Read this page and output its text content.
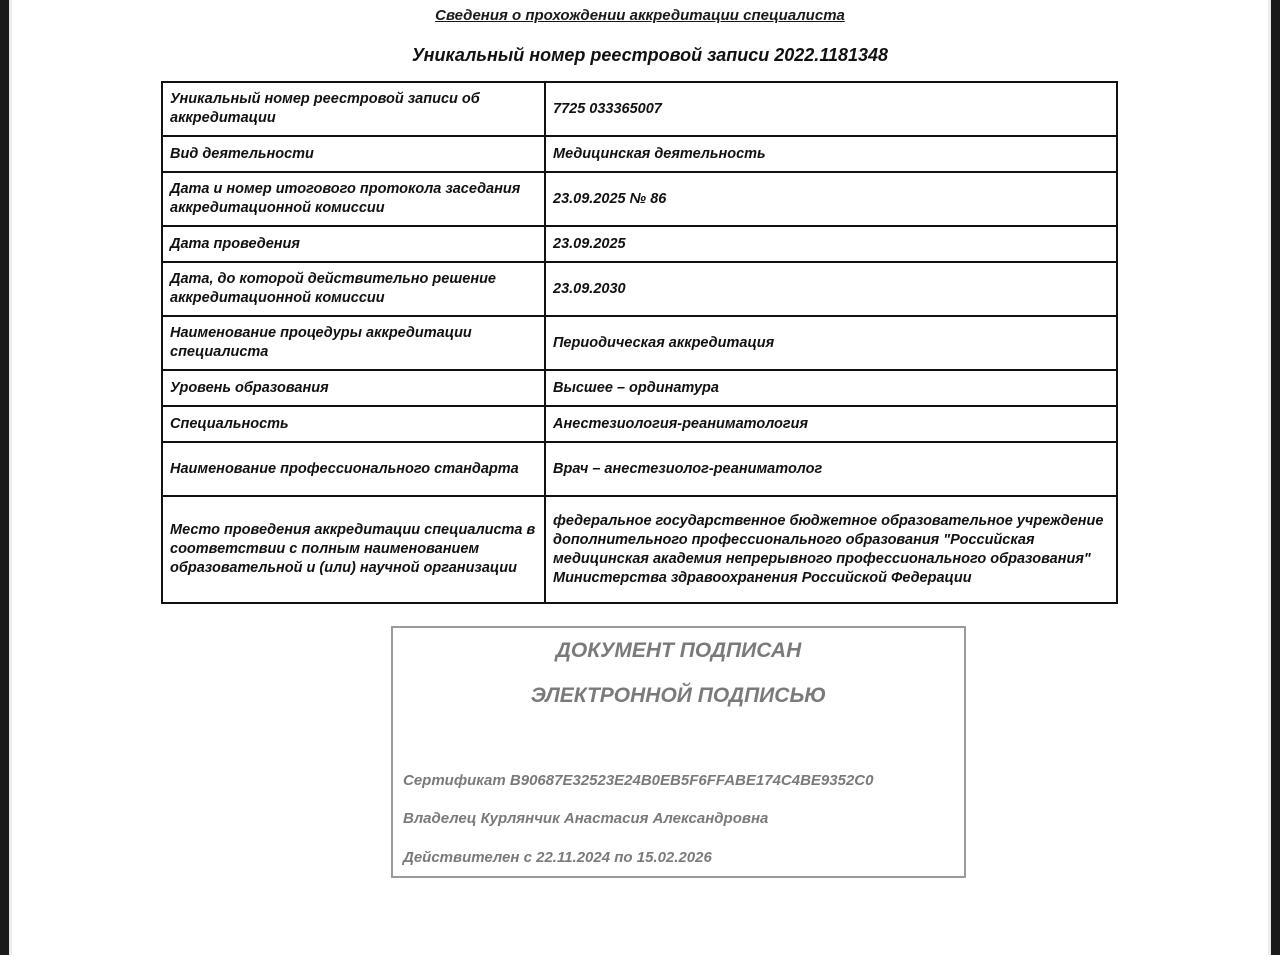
Сведения о прохождении аккредитации специалиста
Уникальный номер реестровой записи 2022.1181348
Уникальный номер реестровой записи об аккредитации	7725 033365007
Вид деятельности	Медицинская деятельность
Дата и номер итогового протокола заседания аккредитационной комиссии	23.09.2025 № 86
Дата проведения	23.09.2025
Дата, до которой действительно решение аккредитационной комиссии	23.09.2030
Наименование процедуры аккредитации специалиста	Периодическая аккредитация
Уровень образования	Высшее – ординатура
Специальность	Анестезиология-реаниматология
Наименование профессионального стандарта	Врач – анестезиолог-реаниматолог
Место проведения аккредитации специалиста в соответствии с полным наименованием образовательной и (или) научной организации	федеральное государственное бюджетное образовательное учреждение дополнительного профессионального образования "Российская медицинская академия непрерывного профессионального образования" Министерства здравоохранения Российской Федерации
ДОКУМЕНТ ПОДПИСАН
ЭЛЕКТРОННОЙ ПОДПИСЬЮ
Сертификат B90687E32523E24B0EB5F6FFABE174C4BE9352C0
Владелец Курлянчик Анастасия Александровна
Действителен с 22.11.2024 по 15.02.2026
